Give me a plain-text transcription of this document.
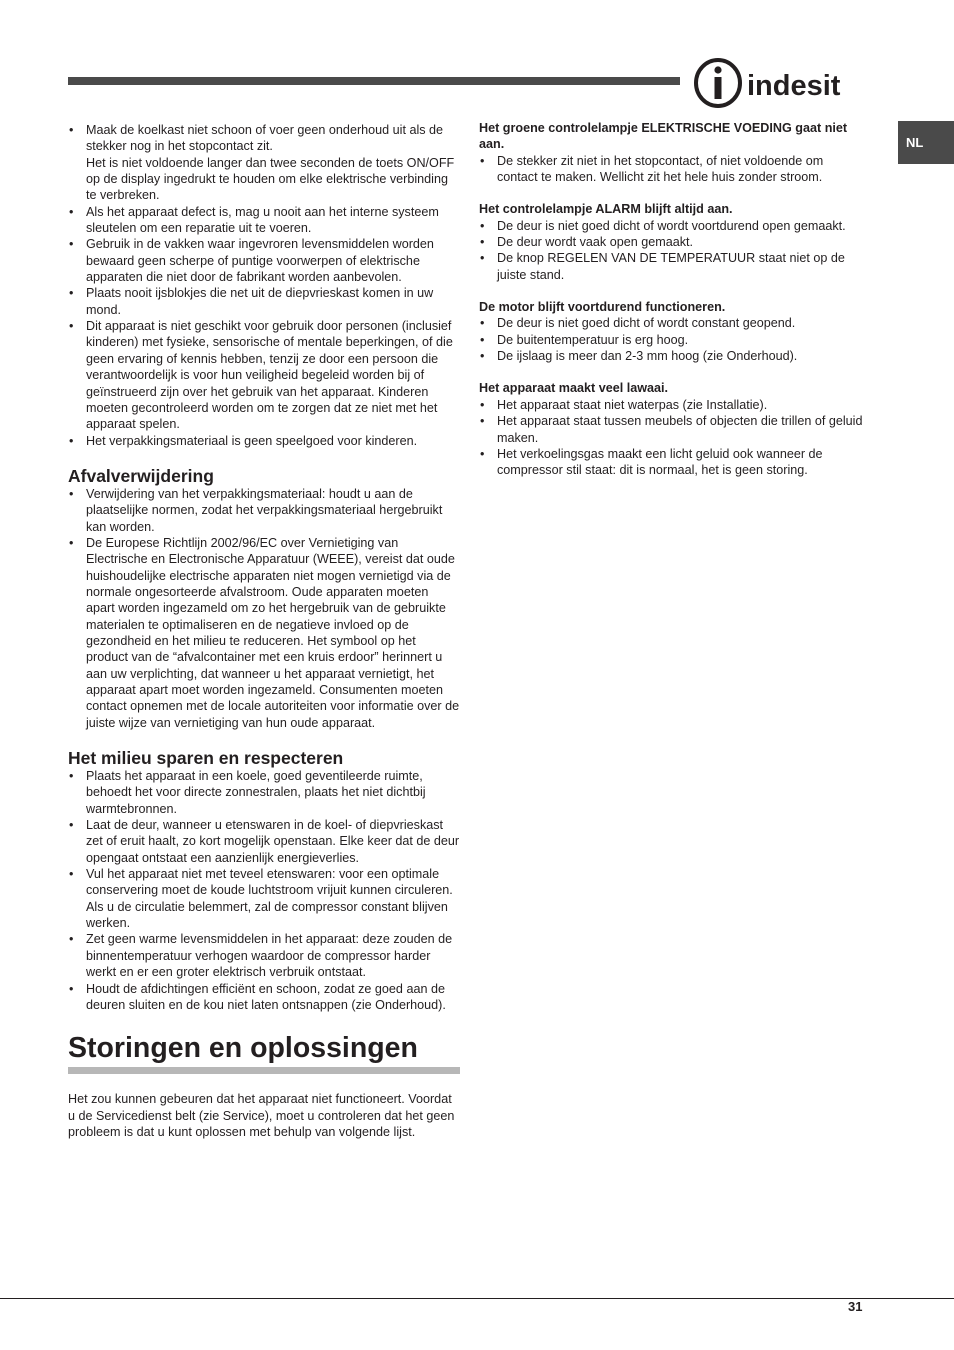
indesit
NL
• Maak de koelkast niet schoon of voer geen onderhoud uit als de stekker nog in het stopcontact zit.
Het is niet voldoende langer dan twee seconden de toets ON/OFF op de display ingedrukt te houden om elke elektrische verbinding te verbreken.
• Als het apparaat defect is, mag u nooit aan het interne systeem sleutelen om een reparatie uit te voeren.
• Gebruik in de vakken waar ingevroren levensmiddelen worden bewaard geen scherpe of puntige voorwerpen of elektrische apparaten die niet door de fabrikant worden aanbevolen.
• Plaats nooit ijsblokjes die net uit de diepvrieskast komen in uw mond.
• Dit apparaat is niet geschikt voor gebruik door personen (inclusief kinderen) met fysieke, sensorische of mentale beperkingen, of die geen ervaring of kennis hebben, tenzij ze door een persoon die verantwoordelijk is voor hun veiligheid begeleid worden bij of geïnstrueerd zijn over het gebruik van het apparaat. Kinderen moeten gecontroleerd worden om te zorgen dat ze niet met het apparaat spelen.
• Het verpakkingsmateriaal is geen speelgoed voor kinderen.
Afvalverwijdering
• Verwijdering van het verpakkingsmateriaal: houdt u aan de plaatselijke normen, zodat het verpakkingsmateriaal hergebruikt kan worden.
• De Europese Richtlijn 2002/96/EC over Vernietiging van Electrische en Electronische Apparatuur (WEEE), vereist dat oude huishoudelijke electrische apparaten niet mogen vernietigd via de normale ongesorteerde afvalstroom. Oude apparaten moeten apart worden ingezameld om zo het hergebruik van de gebruikte materialen te optimaliseren en de negatieve invloed op de gezondheid en het milieu te reduceren. Het symbool op het product van de “afvalcontainer met een kruis erdoor” herinnert u aan uw verplichting, dat wanneer u het apparaat vernietigt, het apparaat apart moet worden ingezameld. Consumenten moeten contact opnemen met de locale autoriteiten voor informatie over de juiste wijze van vernietiging van hun oude apparaat.
Het milieu sparen en respecteren
• Plaats het apparaat in een koele, goed geventileerde ruimte, behoedt het voor directe zonnestralen, plaats het niet dichtbij warmtebronnen.
• Laat de deur, wanneer u etenswaren in de koel- of diepvrieskast zet of eruit haalt, zo kort mogelijk openstaan. Elke keer dat de deur opengaat ontstaat een aanzienlijk energieverlies.
• Vul het apparaat niet met teveel etenswaren: voor een optimale conservering moet de koude luchtstroom vrijuit kunnen circuleren. Als u de circulatie belemmert, zal de compressor constant blijven werken.
• Zet geen warme levensmiddelen in het apparaat: deze zouden de binnentemperatuur verhogen waardoor de compressor harder werkt en er een groter elektrisch verbruik ontstaat.
• Houdt de afdichtingen efficiënt en schoon, zodat ze goed aan de deuren sluiten en de kou niet laten ontsnappen (zie Onderhoud).
Storingen en oplossingen

Het zou kunnen gebeuren dat het apparaat niet functioneert. Voordat u de Servicedienst belt (zie Service), moet u controleren dat het geen probleem is dat u kunt oplossen met behulp van volgende lijst.

Het groene controlelampje ELEKTRISCHE VOEDING gaat niet aan.

• De stekker zit niet in het stopcontact, of niet voldoende om contact te maken. Wellicht zit het hele huis zonder stroom.

Het controlelampje ALARM blijft altijd aan.

• De deur is niet goed dicht of wordt voortdurend open gemaakt.
• De deur wordt vaak open gemaakt.
• De knop REGELEN VAN DE TEMPERATUUR staat niet op de juiste stand.

De motor blijft voortdurend functioneren.

• De deur is niet goed dicht of wordt constant geopend.
• De buitentemperatuur is erg hoog.
• De ijslaag is meer dan 2-3 mm hoog (zie Onderhoud).

Het apparaat maakt veel lawaai.

• Het apparaat staat niet waterpas (zie Installatie).
• Het apparaat staat tussen meubels of objecten die trillen of geluid maken.
• Het verkoelingsgas maakt een licht geluid ook wanneer de compressor stil staat: dit is normaal, het is geen storing.
31
